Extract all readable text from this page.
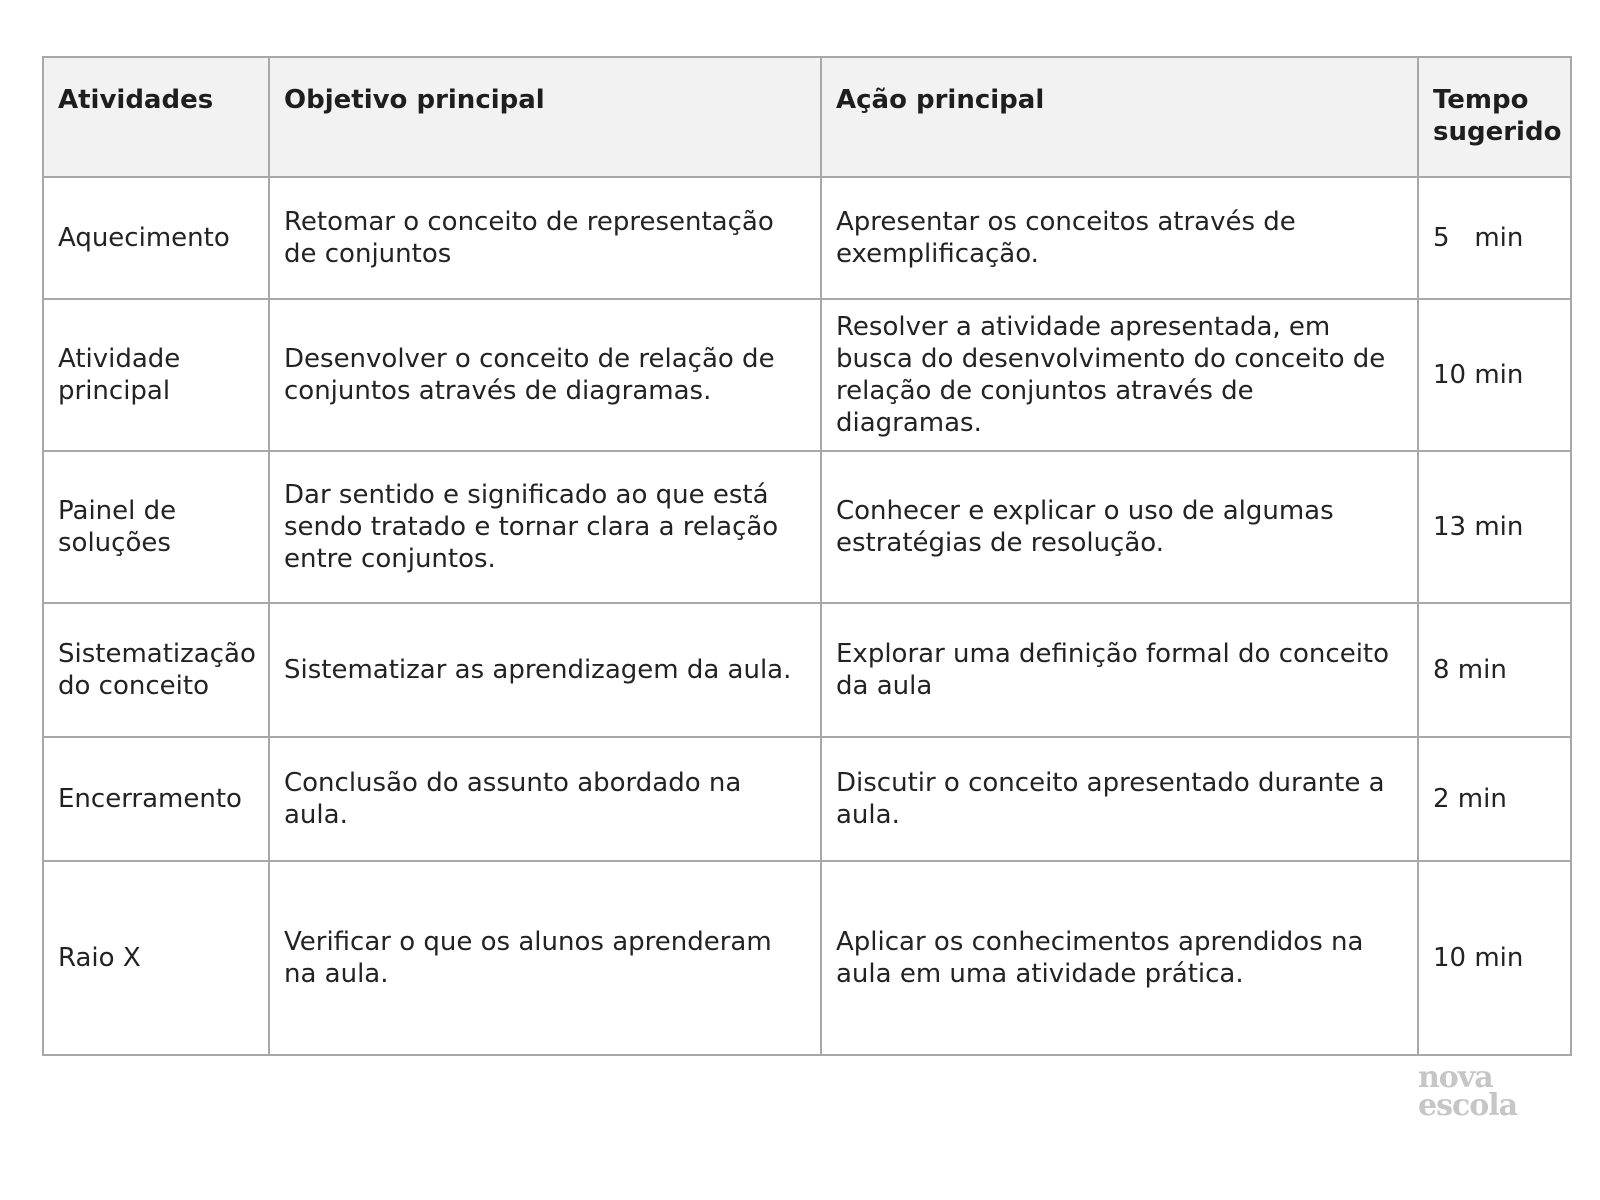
Atividades	Objetivo principal	Ação principal	Tempo sugerido
Aquecimento	Retomar o conceito de representação de conjuntos	Apresentar os conceitos através de exemplificação.	5   min
Atividade principal	Desenvolver o conceito de relação de conjuntos através de diagramas.	Resolver a atividade apresentada, em busca do desenvolvimento do conceito de relação de conjuntos através de diagramas.	10 min
Painel de soluções	Dar sentido e significado ao que está sendo tratado e tornar clara a relação entre conjuntos.	Conhecer e explicar o uso de algumas estratégias de resolução.	13 min
Sistematização do conceito	Sistematizar as aprendizagem da aula.	Explorar uma definição formal do conceito da aula	8 min
Encerramento	Conclusão do assunto abordado na aula.	Discutir o conceito apresentado durante a aula.	2 min
Raio X	Verificar o que os alunos aprenderam na aula.	Aplicar os conhecimentos aprendidos na aula em uma atividade prática.	10 min
nova
escola
